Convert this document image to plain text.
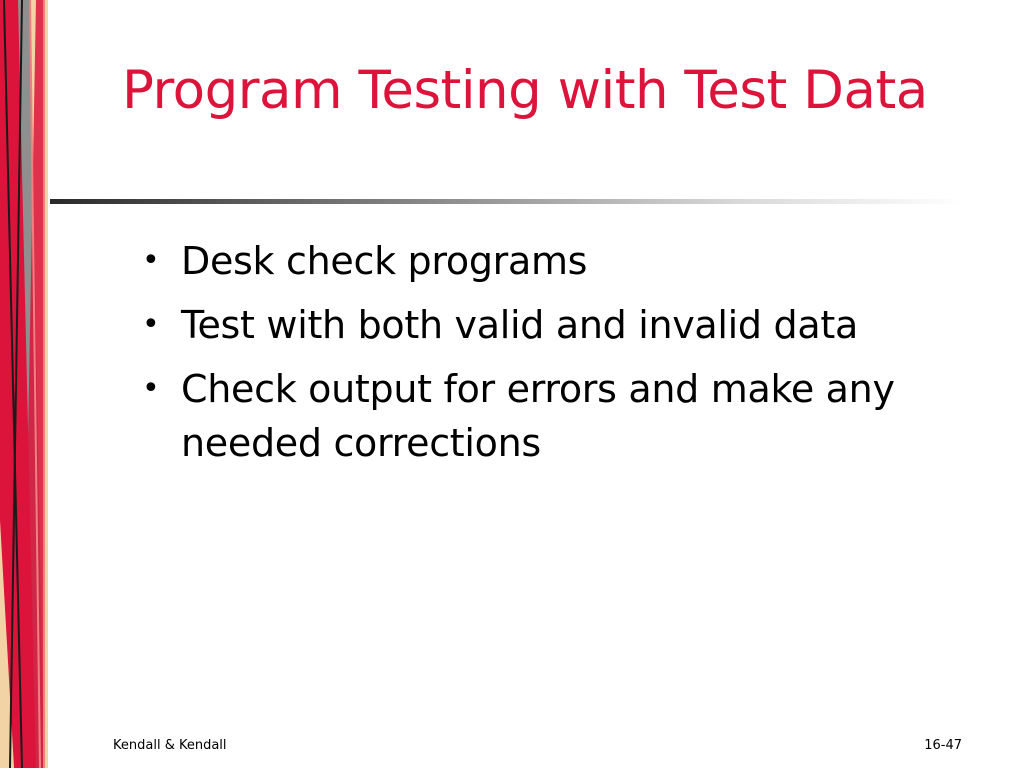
Program Testing with Test Data
• Desk check programs
• Test with both valid and invalid data
• Check output for errors and make any needed corrections
Kendall & Kendall	16-47
